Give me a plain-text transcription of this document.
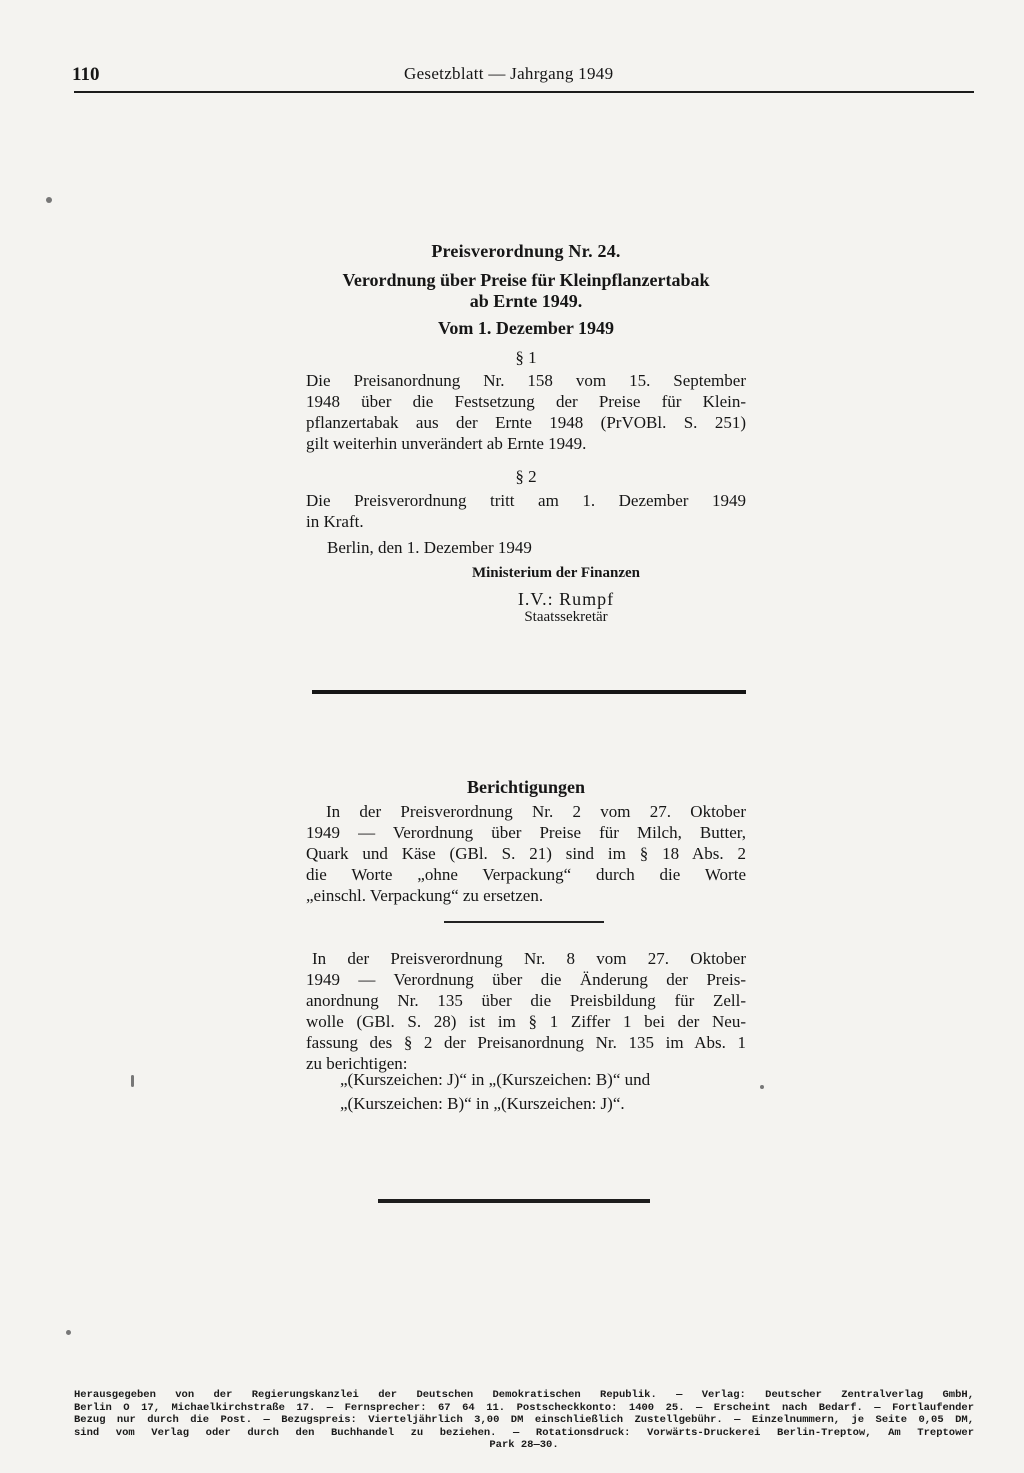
110	Gesetzblatt — Jahrgang 1949
Preisverordnung Nr. 24.
Verordnung über Preise für Kleinpflanzertabak
ab Ernte 1949.
Vom 1. Dezember 1949
§ 1
Die Preisanordnung Nr. 158 vom 15. September
1948 über die Festsetzung der Preise für Klein-
pflanzertabak aus der Ernte 1948 (PrVOBl. S. 251)
gilt weiterhin unverändert ab Ernte 1949.
§ 2
Die Preisverordnung tritt am 1. Dezember 1949
in Kraft.
Berlin, den 1. Dezember 1949
Ministerium der Finanzen
I.V.: Rumpf
Staatssekretär
Berichtigungen
In der Preisverordnung Nr. 2 vom 27. Oktober
1949 — Verordnung über Preise für Milch, Butter,
Quark und Käse (GBl. S. 21) sind im § 18 Abs. 2
die Worte „ohne Verpackung“ durch die Worte
„einschl. Verpackung“ zu ersetzen.
In der Preisverordnung Nr. 8 vom 27. Oktober
1949 — Verordnung über die Änderung der Preis-
anordnung Nr. 135 über die Preisbildung für Zell-
wolle (GBl. S. 28) ist im § 1 Ziffer 1 bei der Neu-
fassung des § 2 der Preisanordnung Nr. 135 im Abs. 1
zu berichtigen:
„(Kurszeichen: J)“ in „(Kurszeichen: B)“ und
„(Kurszeichen: B)“ in „(Kurszeichen: J)“.
Herausgegeben von der Regierungskanzlei der Deutschen Demokratischen Republik. — Verlag: Deutscher Zentralverlag GmbH,
Berlin O 17, Michaelkirchstraße 17. — Fernsprecher: 67 64 11. Postscheckkonto: 1400 25. — Erscheint nach Bedarf. — Fortlaufender
Bezug nur durch die Post. — Bezugspreis: Vierteljährlich 3,00 DM einschließlich Zustellgebühr. — Einzelnummern, je Seite 0,05 DM,
sind vom Verlag oder durch den Buchhandel zu beziehen. — Rotationsdruck: Vorwärts-Druckerei Berlin-Treptow, Am Treptower
Park 28—30.
